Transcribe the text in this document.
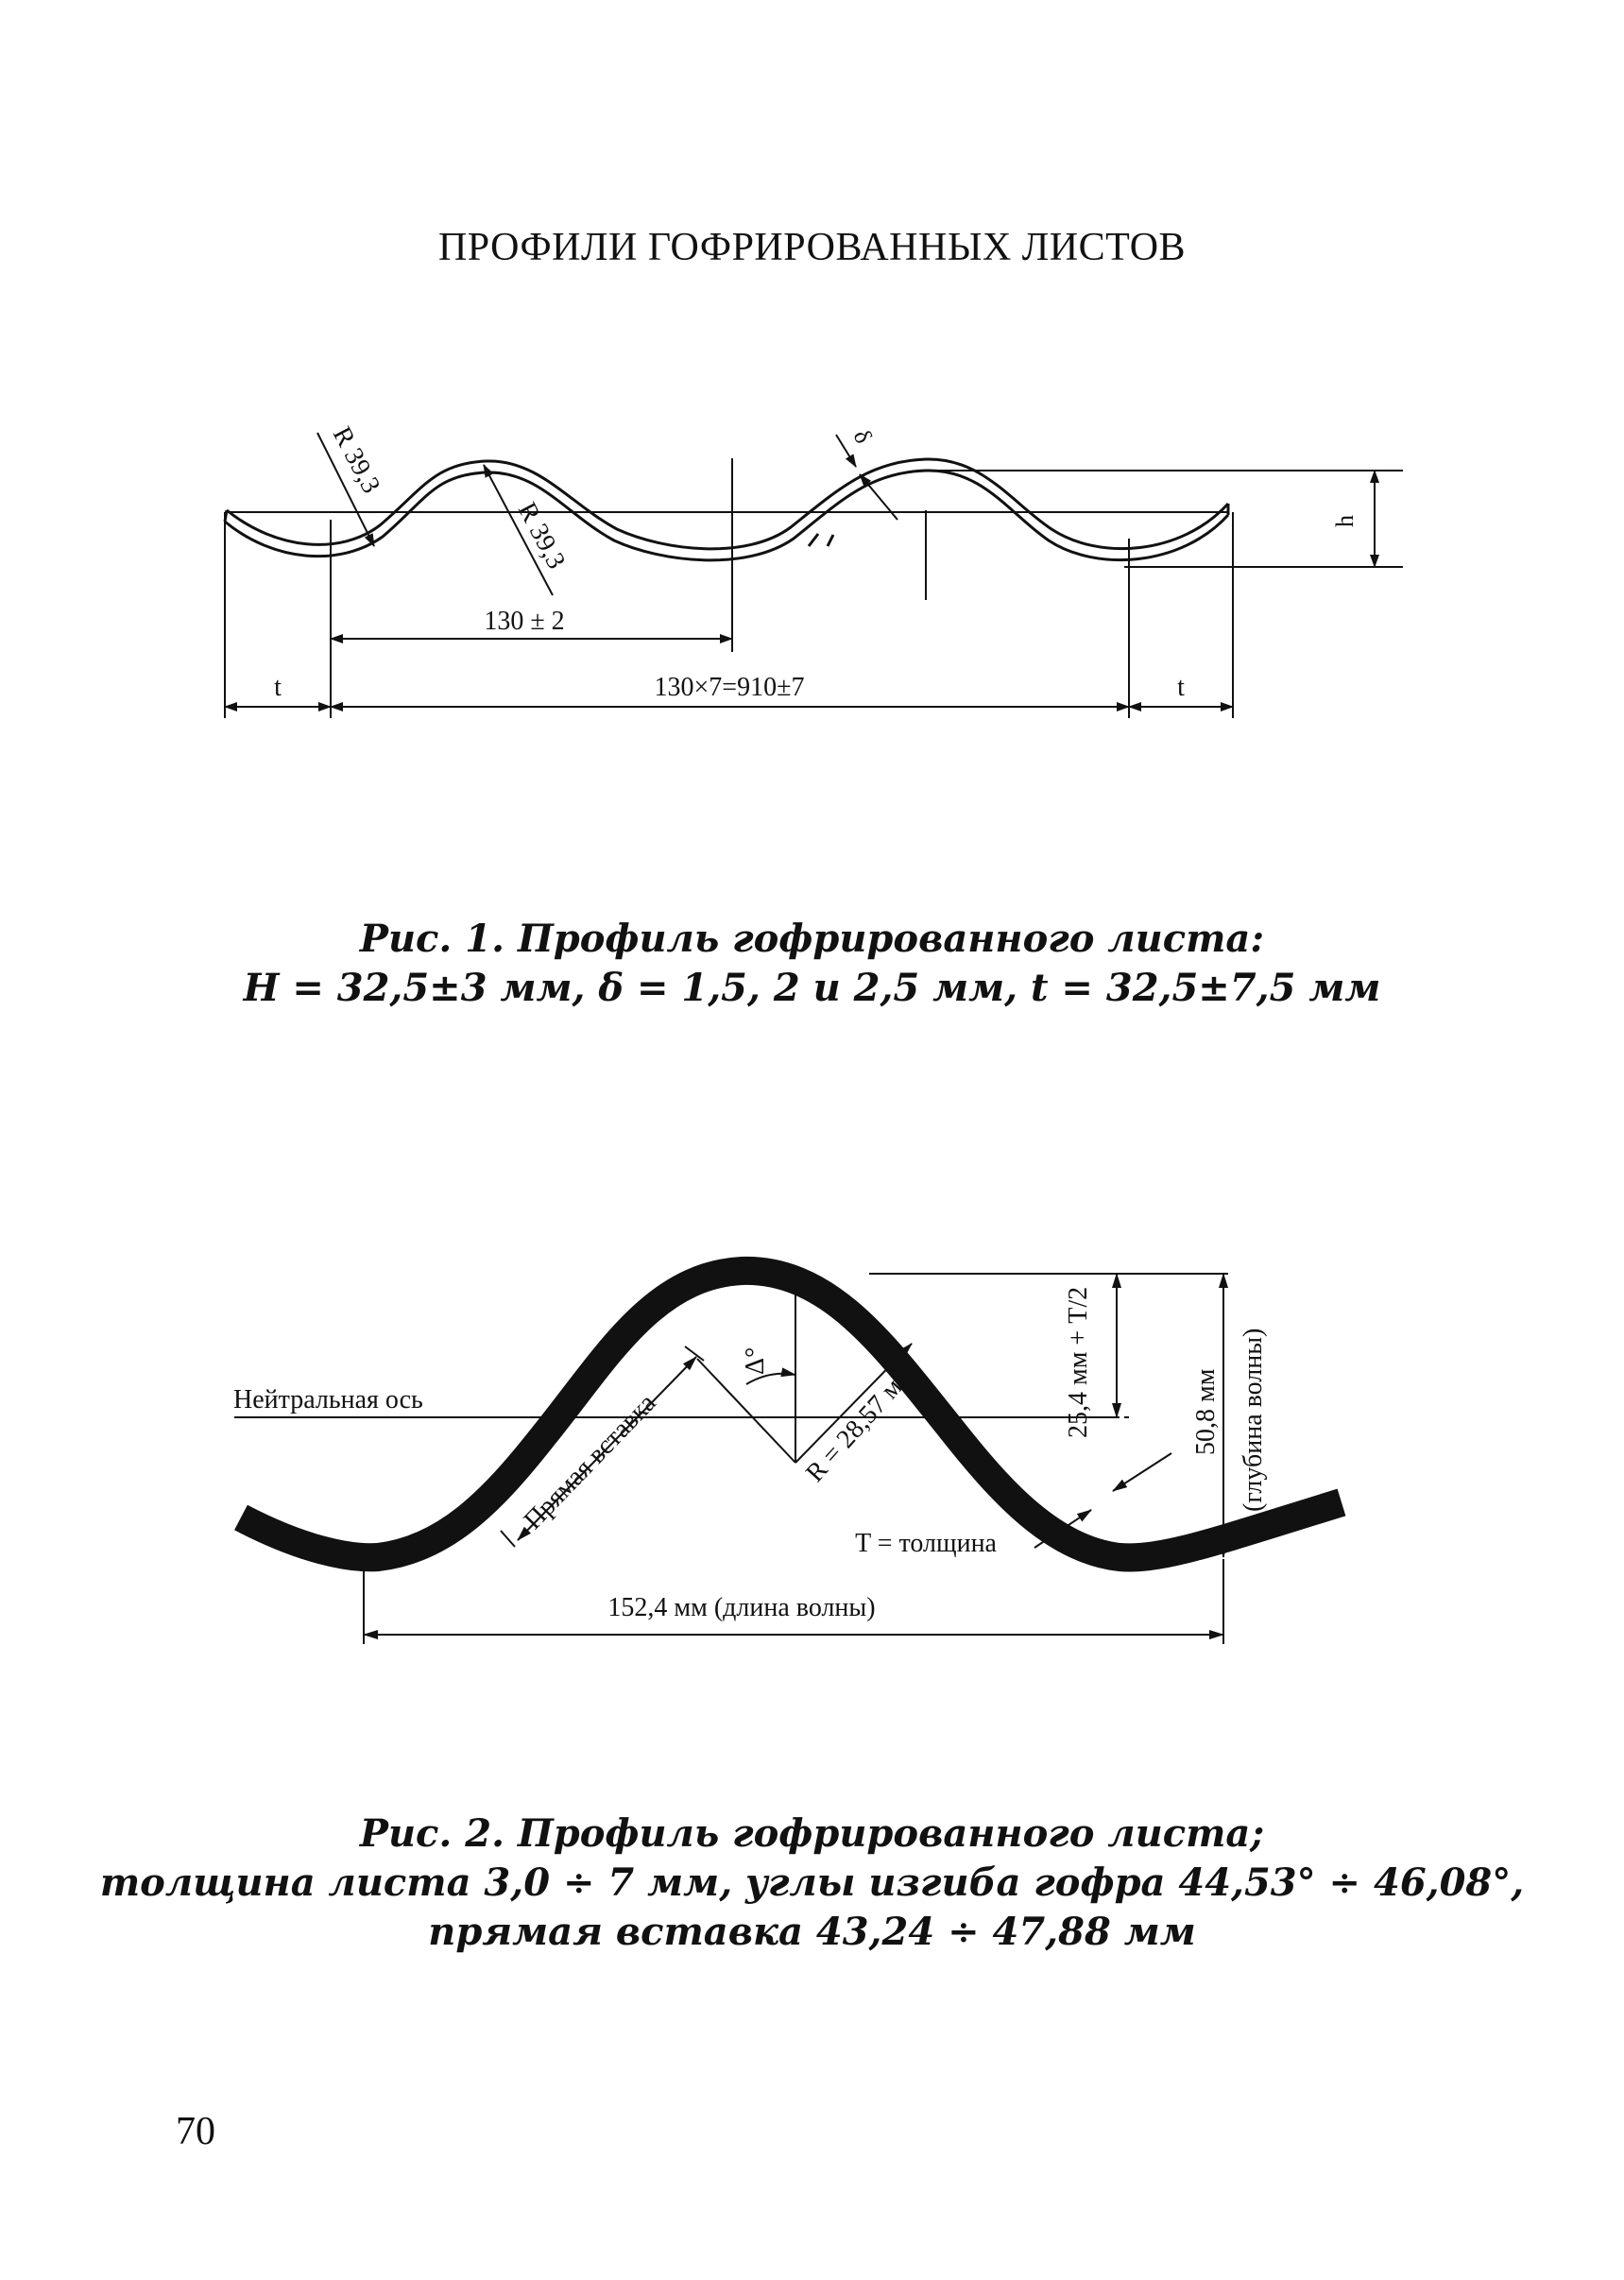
ПРОФИЛИ ГОФРИРОВАННЫХ ЛИСТОВ
h
R 39,3
R 39,3
δ
130 ± 2
t	130×7=910±7	t
Рис. 1. Профиль гофрированного листа:
H = 32,5±3 мм, δ = 1,5, 2 и 2,5 мм, t = 32,5±7,5 мм
Нейтральная ось
Δ° R = 28,57 мм
Прямая вставка
25,4 мм + T/2	50,8 мм (глубина волны)
T = толщина
152,4 мм (длина волны)
Рис. 2. Профиль гофрированного листа;
толщина листа 3,0 ÷ 7 мм, углы изгиба гофра 44,53° ÷ 46,08°,
прямая вставка 43,24 ÷ 47,88 мм
70
